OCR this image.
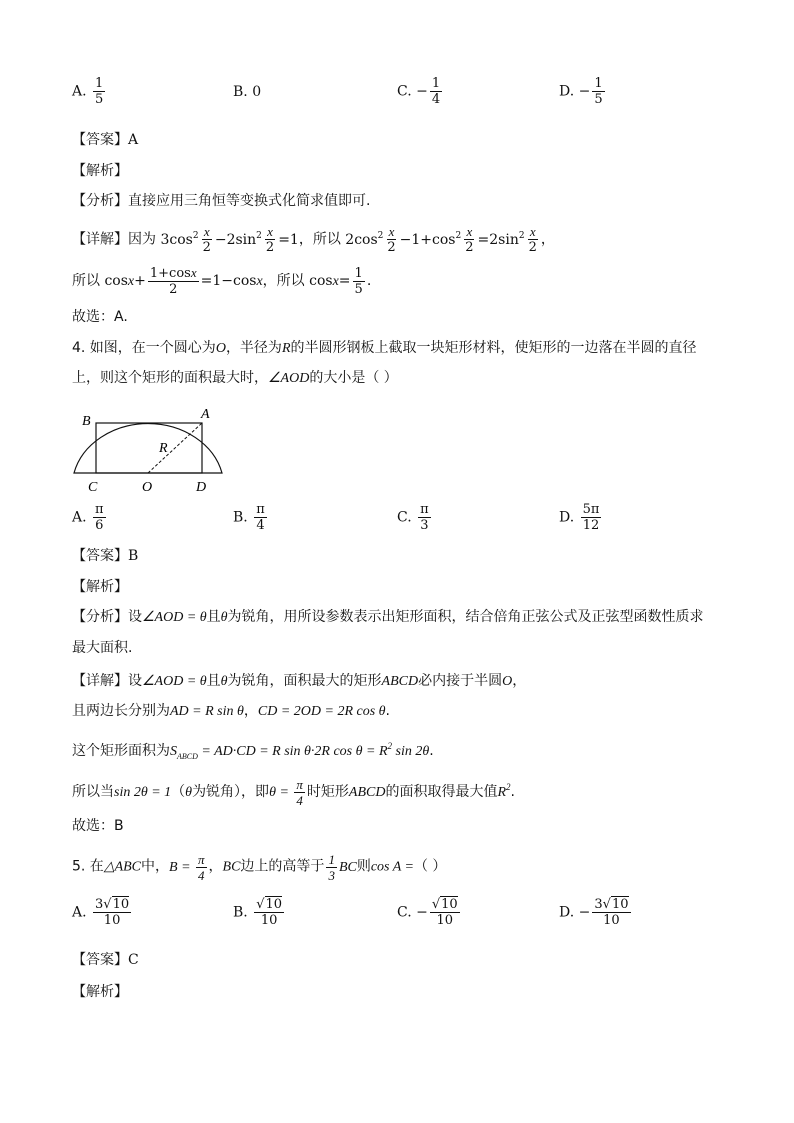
A. $\frac{1}{5}$	B. 0	C. − $\frac{1}{4}$	D. − $\frac{1}{5}$
【答案】A
【解析】
【分析】直接应用三角恒等变换式化简求值即可.
【详解】因为 $3\cos^2 \frac{x}{2} -2\sin^2 \frac{x}{2} =1$，所以 $2\cos^2 \frac{x}{2} -1+\cos^2 \frac{x}{2} =2\sin^2 \frac{x}{2}$ ，
所以 $\cos x+ \frac{1+\cos x}{2} =1-\cos x$，所以 $\cos x= \frac{1}{5}$ .
故选：A.
4. 如图，在一个圆心为O，半径为R的半圆形钢板上截取一块矩形材料，使矩形的一边落在半圆的直径
上，则这个矩形的面积最大时，∠AOD的大小是（ ）
B	A
R
C	O	D
A. $\frac{\pi}{6}$	B. $\frac{\pi}{4}$	C. $\frac{\pi}{3}$	D. $\frac{5\pi}{12}$
【答案】B
【解析】
【分析】设∠AOD = θ且θ为锐角，用所设参数表示出矩形面积，结合倍角正弦公式及正弦型函数性质求
最大面积.
【详解】设∠AOD = θ且θ为锐角，面积最大的矩形ABCD必内接于半圆O，
且两边长分别为AD = R sin θ，CD = 2OD = 2R cos θ.
这个矩形面积为$S_{ABCD} = AD\cdot CD = R$ sin θ·2R $\cos \theta = R^2$ sin 2θ.
所以当sin 2θ = 1（θ为锐角），即$\theta = \frac{\pi}{4}$ 时矩形ABCD的面积取得最大值$R^2$.
故选：B
5. 在△ABC中，$B = \frac{\pi}{4}$ ，BC边上的高等于 $\frac{1}{3}$ BC则cos A =（ ）
A. $\frac{3√10}{10}$	B. $\frac{√10}{10}$	C. − $\frac{√10}{10}$	D. − $\frac{3√10}{10}$
【答案】C
【解析】
